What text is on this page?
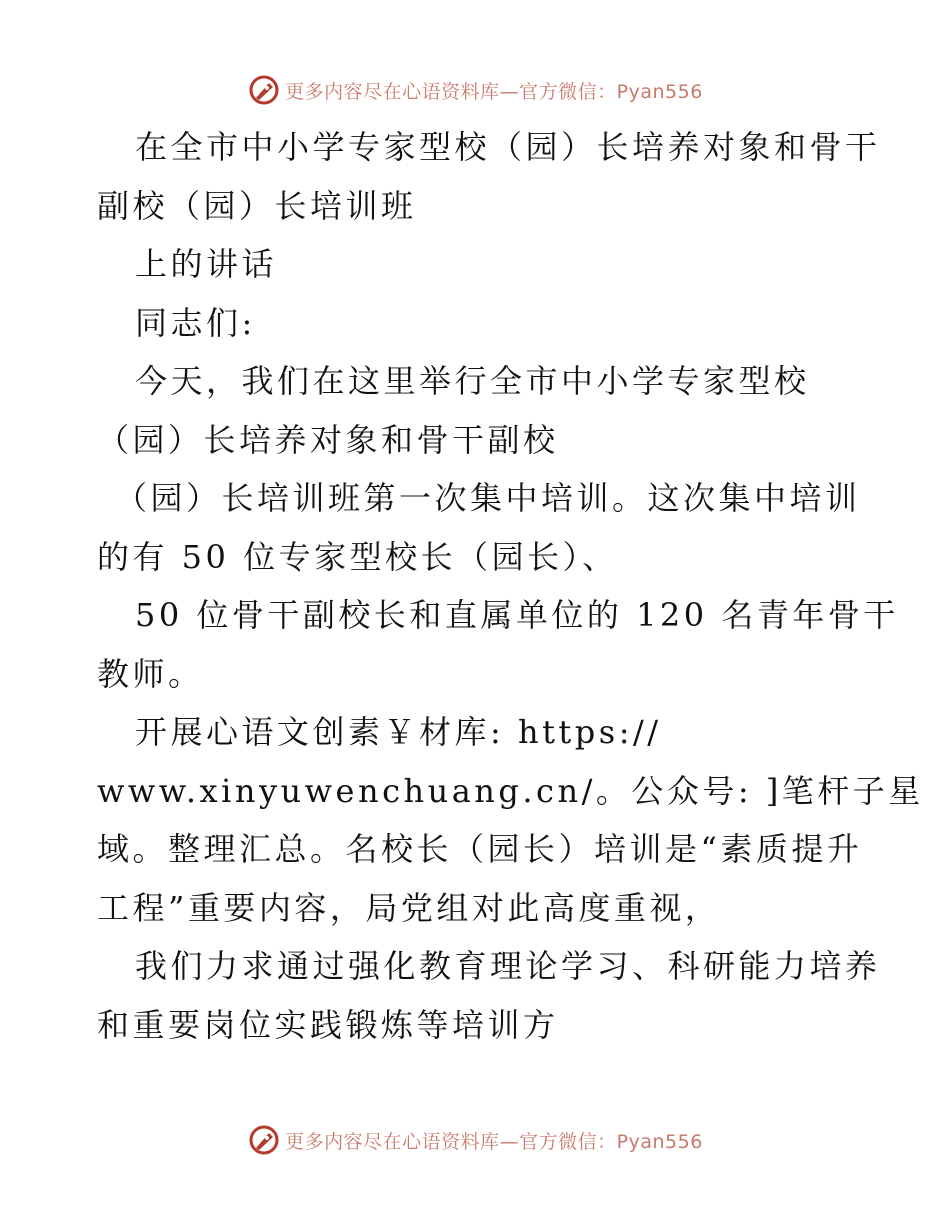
更多内容尽在心语资料库—官方微信：Pyan556
在全市中小学专家型校（园）长培养对象和骨干
副校（园）长培训班
上的讲话
同志们:
今天，我们在这里举行全市中小学专家型校
（园）长培养对象和骨干副校
（园）长培训班第一次集中培训。这次集中培训
的有 50 位专家型校长（园长）、
50 位骨干副校长和直属单位的 120 名青年骨干
教师。
开展心语文创素￥材库: https://
www.xinyuwenchuang.cn/。公众号: ]笔杆子星
域。整理汇总。名校长（园长）培训是“素质提升
工程”重要内容，局党组对此高度重视，
我们力求通过强化教育理论学习、科研能力培养
和重要岗位实践锻炼等培训方
更多内容尽在心语资料库—官方微信：Pyan556
